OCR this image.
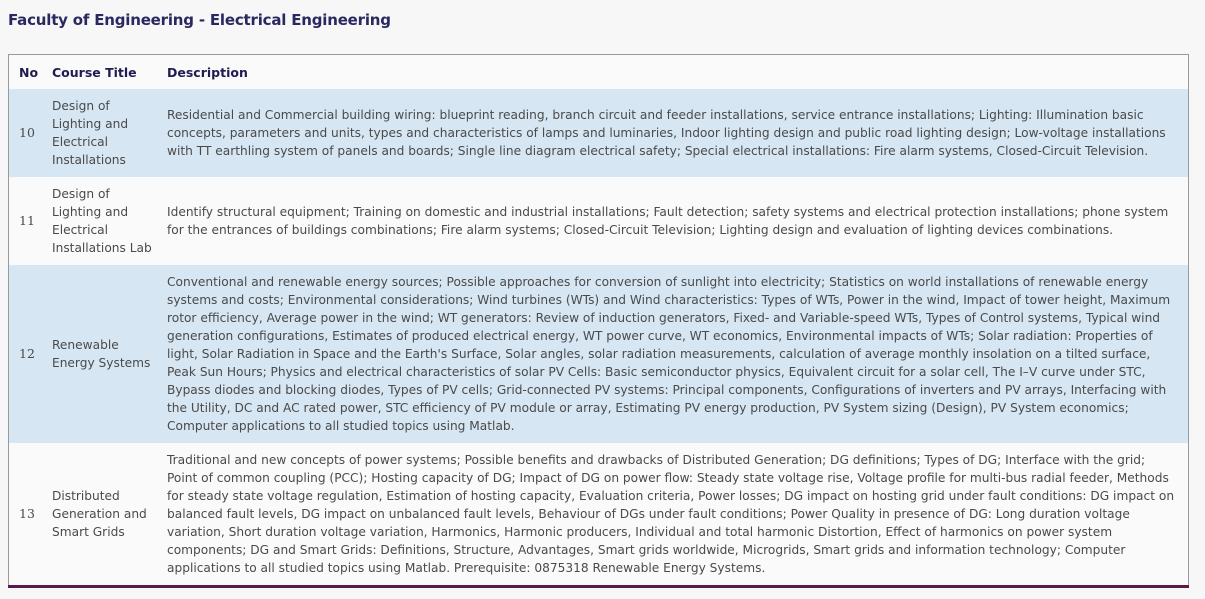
Faculty of Engineering - Electrical Engineering
No	Course Title	Description
10	Design of Lighting and Electrical Installations	Residential and Commercial building wiring: blueprint reading, branch circuit and feeder installations, service entrance installations; Lighting: Illumination basic concepts, parameters and units, types and characteristics of lamps and luminaries, Indoor lighting design and public road lighting design; Low-voltage installations with TT earthling system of panels and boards; Single line diagram electrical safety; Special electrical installations: Fire alarm systems, Closed-Circuit Television.
11	Design of Lighting and Electrical Installations Lab	Identify structural equipment; Training on domestic and industrial installations; Fault detection; safety systems and electrical protection installations; phone system for the entrances of buildings combinations; Fire alarm systems; Closed-Circuit Television; Lighting design and evaluation of lighting devices combinations.
12	Renewable Energy Systems	Conventional and renewable energy sources; Possible approaches for conversion of sunlight into electricity; Statistics on world installations of renewable energy systems and costs; Environmental considerations; Wind turbines (WTs) and Wind characteristics: Types of WTs, Power in the wind, Impact of tower height, Maximum rotor efficiency, Average power in the wind; WT generators: Review of induction generators, Fixed- and Variable-speed WTs, Types of Control systems, Typical wind generation configurations, Estimates of produced electrical energy, WT power curve, WT economics, Environmental impacts of WTs; Solar radiation: Properties of light, Solar Radiation in Space and the Earth's Surface, Solar angles, solar radiation measurements, calculation of average monthly insolation on a tilted surface, Peak Sun Hours; Physics and electrical characteristics of solar PV Cells: Basic semiconductor physics, Equivalent circuit for a solar cell, The I–V curve under STC, Bypass diodes and blocking diodes, Types of PV cells; Grid-connected PV systems: Principal components, Configurations of inverters and PV arrays, Interfacing with the Utility, DC and AC rated power, STC efficiency of PV module or array, Estimating PV energy production, PV System sizing (Design), PV System economics; Computer applications to all studied topics using Matlab.
13	Distributed Generation and Smart Grids	Traditional and new concepts of power systems; Possible benefits and drawbacks of Distributed Generation; DG definitions; Types of DG; Interface with the grid; Point of common coupling (PCC); Hosting capacity of DG; Impact of DG on power flow: Steady state voltage rise, Voltage profile for multi-bus radial feeder, Methods for steady state voltage regulation, Estimation of hosting capacity, Evaluation criteria, Power losses; DG impact on hosting grid under fault conditions: DG impact on balanced fault levels, DG impact on unbalanced fault levels, Behaviour of DGs under fault conditions; Power Quality in presence of DG: Long duration voltage variation, Short duration voltage variation, Harmonics, Harmonic producers, Individual and total harmonic Distortion, Effect of harmonics on power system components; DG and Smart Grids: Definitions, Structure, Advantages, Smart grids worldwide, Microgrids, Smart grids and information technology; Computer applications to all studied topics using Matlab. Prerequisite: 0875318 Renewable Energy Systems.
